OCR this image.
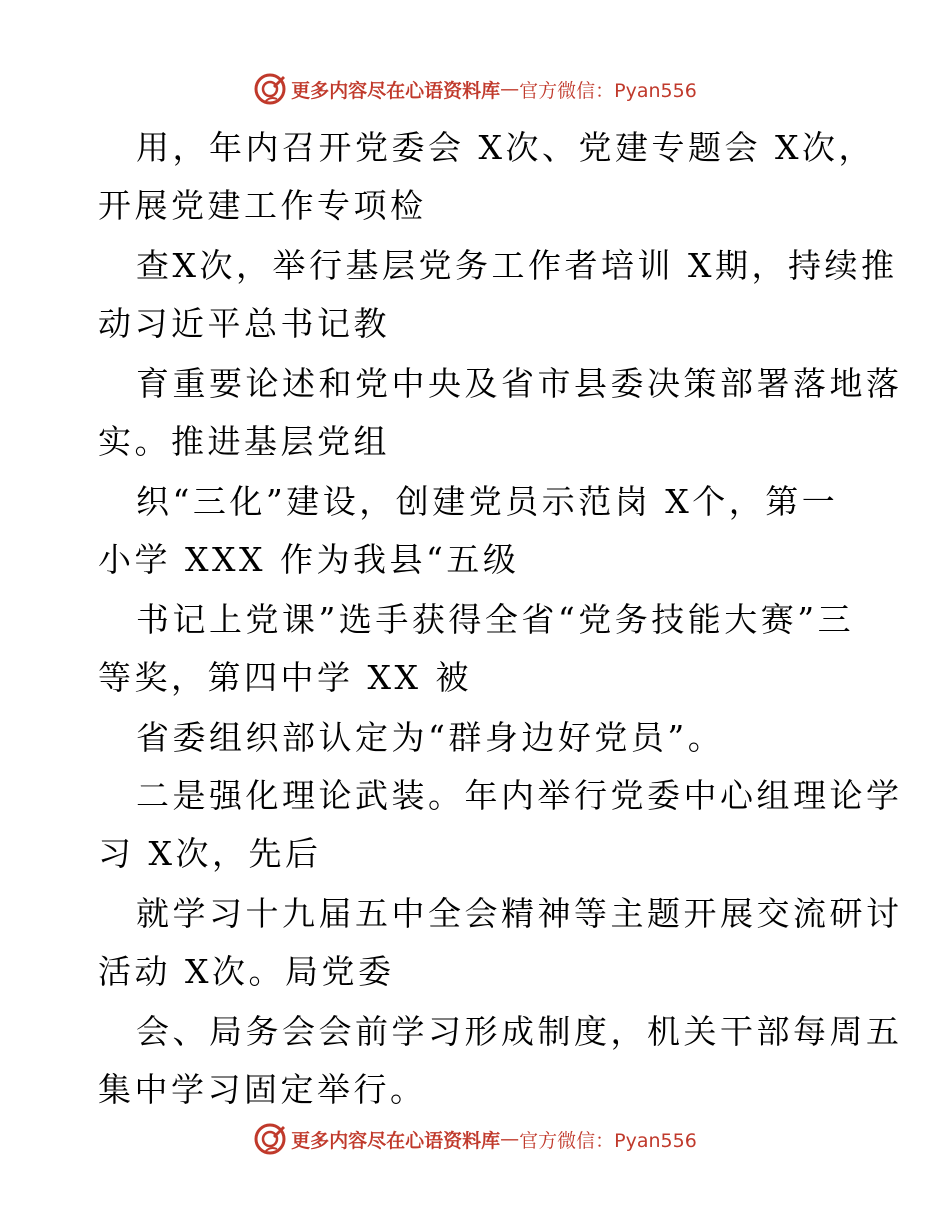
更多内容尽在心语资料库 — 官方微信：Pyan556
用，年内召开党委会 X次、党建专题会 X次，
开展党建工作专项检
查X次，举行基层党务工作者培训 X期，持续推
动习近平总书记教
育重要论述和党中央及省市县委决策部署落地落
实。推进基层党组
织“三化”建设，创建党员示范岗 X个，第一
小学 XXX 作为我县“五级
书记上党课”选手获得全省“党务技能大赛”三
等奖，第四中学 XX 被
省委组织部认定为“群身边好党员”。
二是强化理论武装。年内举行党委中心组理论学
习 X次，先后
就学习十九届五中全会精神等主题开展交流研讨
活动 X次。局党委
会、局务会会前学习形成制度，机关干部每周五
集中学习固定举行。
更多内容尽在心语资料库 — 官方微信：Pyan556
